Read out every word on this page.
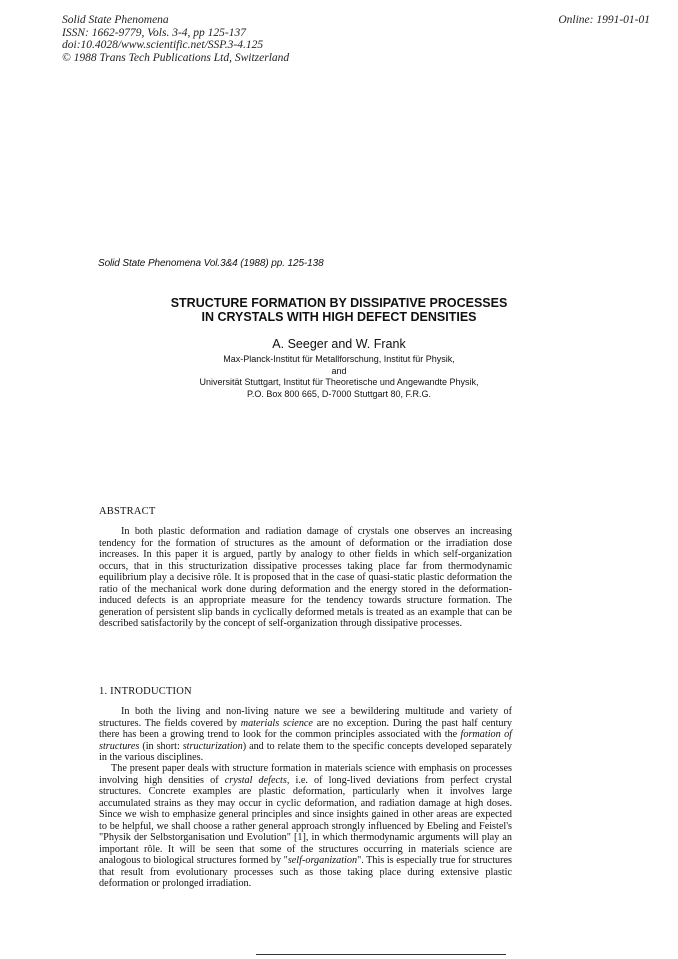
Solid State Phenomena
ISSN: 1662-9779, Vols. 3-4, pp 125-137
doi:10.4028/www.scientific.net/SSP.3-4.125
© 1988 Trans Tech Publications Ltd, Switzerland
Online: 1991-01-01
Solid State Phenomena Vol.3&4 (1988) pp. 125-138
STRUCTURE FORMATION BY DISSIPATIVE PROCESSES
IN CRYSTALS WITH HIGH DEFECT DENSITIES
A. Seeger and W. Frank
Max-Planck-Institut für Metallforschung, Institut für Physik,
and
Universität Stuttgart, Institut für Theoretische und Angewandte Physik,
P.O. Box 800 665, D-7000 Stuttgart 80, F.R.G.
ABSTRACT
In both plastic deformation and radiation damage of crystals one observes an increasing tendency for the formation of structures as the amount of deformation or the irradiation dose increases. In this paper it is argued, partly by analogy to other fields in which self-organization occurs, that in this structurization dissipative processes taking place far from thermodynamic equilibrium play a decisive rôle. It is proposed that in the case of quasi-static plastic deformation the ratio of the mechanical work done during deformation and the energy stored in the deformation-induced defects is an appropriate measure for the tendency towards structure formation. The generation of persistent slip bands in cyclically deformed metals is treated as an example that can be described satisfactorily by the concept of self-organization through dissipative processes.
1. INTRODUCTION
In both the living and non-living nature we see a bewildering multitude and variety of structures. The fields covered by materials science are no exception. During the past half century there has been a growing trend to look for the common principles associated with the formation of structures (in short: structurization) and to relate them to the specific concepts developed separately in the various disciplines.
The present paper deals with structure formation in materials science with emphasis on processes involving high densities of crystal defects, i.e. of long-lived deviations from perfect crystal structures. Concrete examples are plastic deformation, particularly when it involves large accumulated strains as they may occur in cyclic deformation, and radiation damage at high doses. Since we wish to emphasize general principles and since insights gained in other areas are expected to be helpful, we shall choose a rather general approach strongly influenced by Ebeling and Feistel's "Physik der Selbstorganisation und Evolution" [1], in which thermodynamic arguments will play an important rôle. It will be seen that some of the structures occurring in materials science are analogous to biological structures formed by "self-organization". This is especially true for structures that result from evolutionary processes such as those taking place during extensive plastic deformation or prolonged irradiation.
